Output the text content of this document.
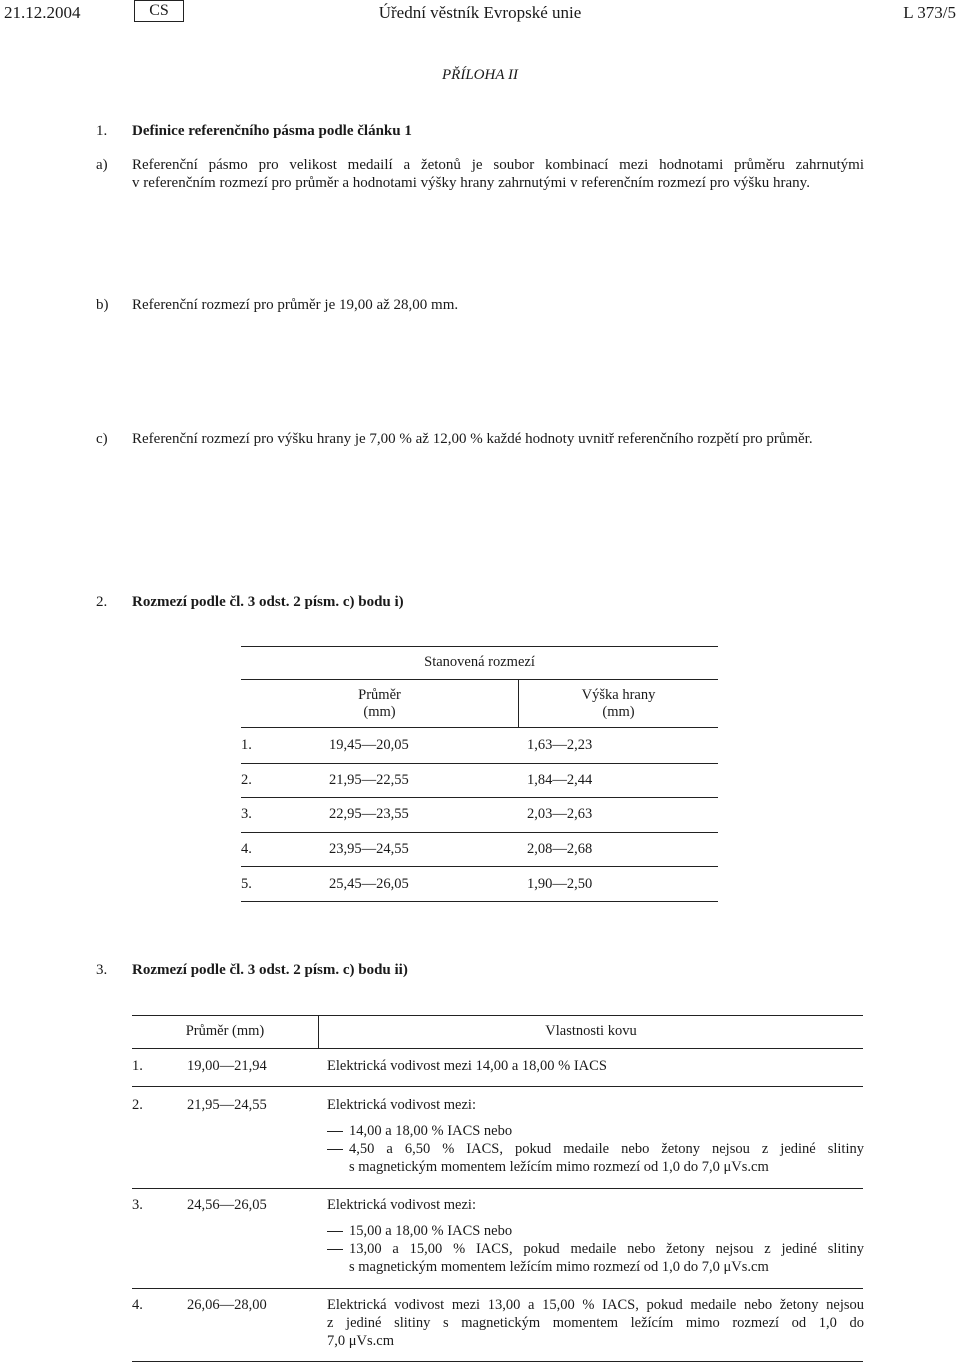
21.12.2004	CS	Úřední věstník Evropské unie	L 373/5
PŘÍLOHA II
1. Definice referenčního pásma podle článku 1
a) Referenční pásmo pro velikost medailí a žetonů je soubor kombinací mezi hodnotami průměru zahrnutými
v referenčním rozmezí pro průměr a hodnotami výšky hrany zahrnutými v referenčním rozmezí pro výšku hrany.
b) Referenční rozmezí pro průměr je 19,00 až 28,00 mm.
c) Referenční rozmezí pro výšku hrany je 7,00 % až 12,00 % každé hodnoty uvnitř referenčního rozpětí pro průměr.
2. Rozmezí podle čl. 3 odst. 2 písm. c) bodu i)
Stanovená rozmezí
Průměr
(mm)
Výška hrany
(mm)
1.	19,45—20,05	1,63—2,23
2.	21,95—22,55	1,84—2,44
3.	22,95—23,55	2,03—2,63
4.	23,95—24,55	2,08—2,68
5.	25,45—26,05	1,90—2,50
3. Rozmezí podle čl. 3 odst. 2 písm. c) bodu ii)
Průměr (mm)	Vlastnosti kovu
1.	19,00—21,94	Elektrická vodivost mezi 14,00 a 18,00 % IACS
2.	21,95—24,55	Elektrická vodivost mezi:
14,00 a 18,00 % IACS nebo
4,50 a 6,50 % IACS, pokud medaile nebo žetony nejsou z jediné slitiny
s magnetickým momentem ležícím mimo rozmezí od 1,0 do 7,0 μVs.cm
3.	24,56—26,05	Elektrická vodivost mezi:
15,00 a 18,00 % IACS nebo
13,00 a 15,00 % IACS, pokud medaile nebo žetony nejsou z jediné slitiny
s magnetickým momentem ležícím mimo rozmezí od 1,0 do 7,0 μVs.cm
4.	26,06—28,00	Elektrická vodivost mezi 13,00 a 15,00 % IACS, pokud medaile nebo žetony nejsou
z jediné slitiny s magnetickým momentem ležícím mimo rozmezí od 1,0 do
7,0 μVs.cm
